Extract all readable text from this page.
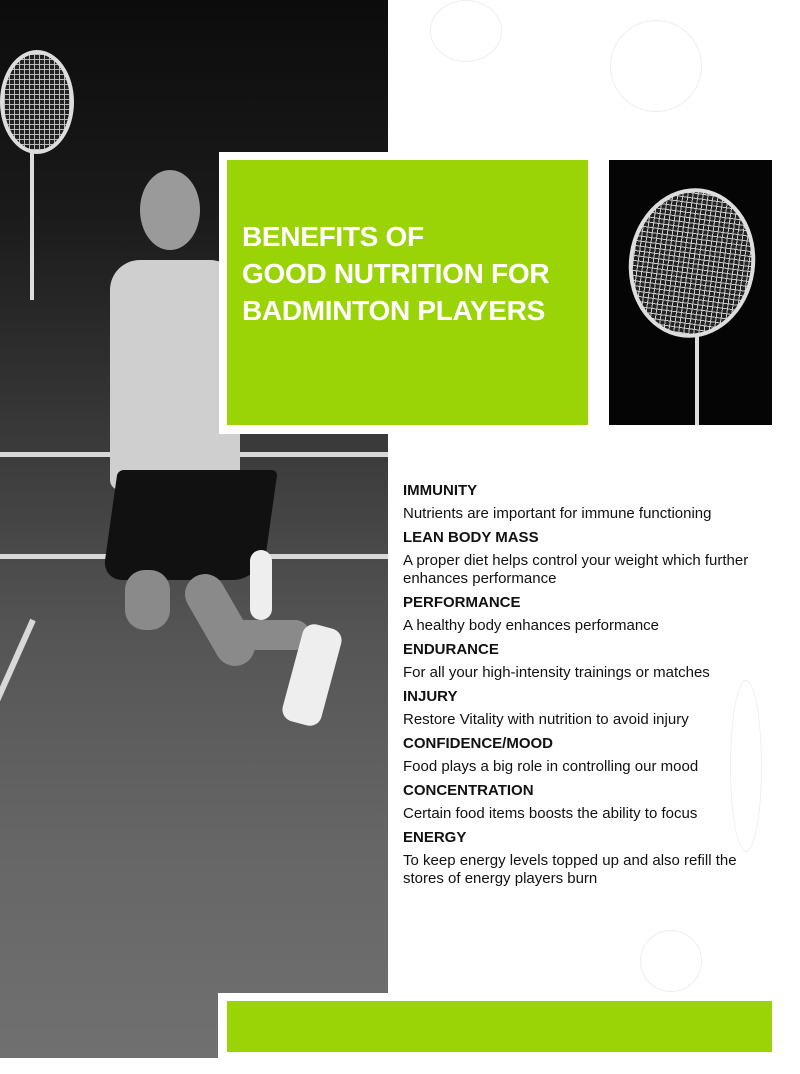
BENEFITS OF
GOOD NUTRITION FOR
BADMINTON PLAYERS

IMMUNITY

Nutrients are important for immune functioning

LEAN BODY MASS

A proper diet helps control your weight which further enhances performance

PERFORMANCE

A healthy body enhances performance

ENDURANCE

For all your high-intensity trainings or matches

INJURY

Restore Vitality with nutrition to avoid injury

CONFIDENCE/MOOD

Food plays a big role in controlling our mood

CONCENTRATION

Certain food items boosts the ability to focus

ENERGY

To keep energy levels topped up and also refill the stores of energy players burn
